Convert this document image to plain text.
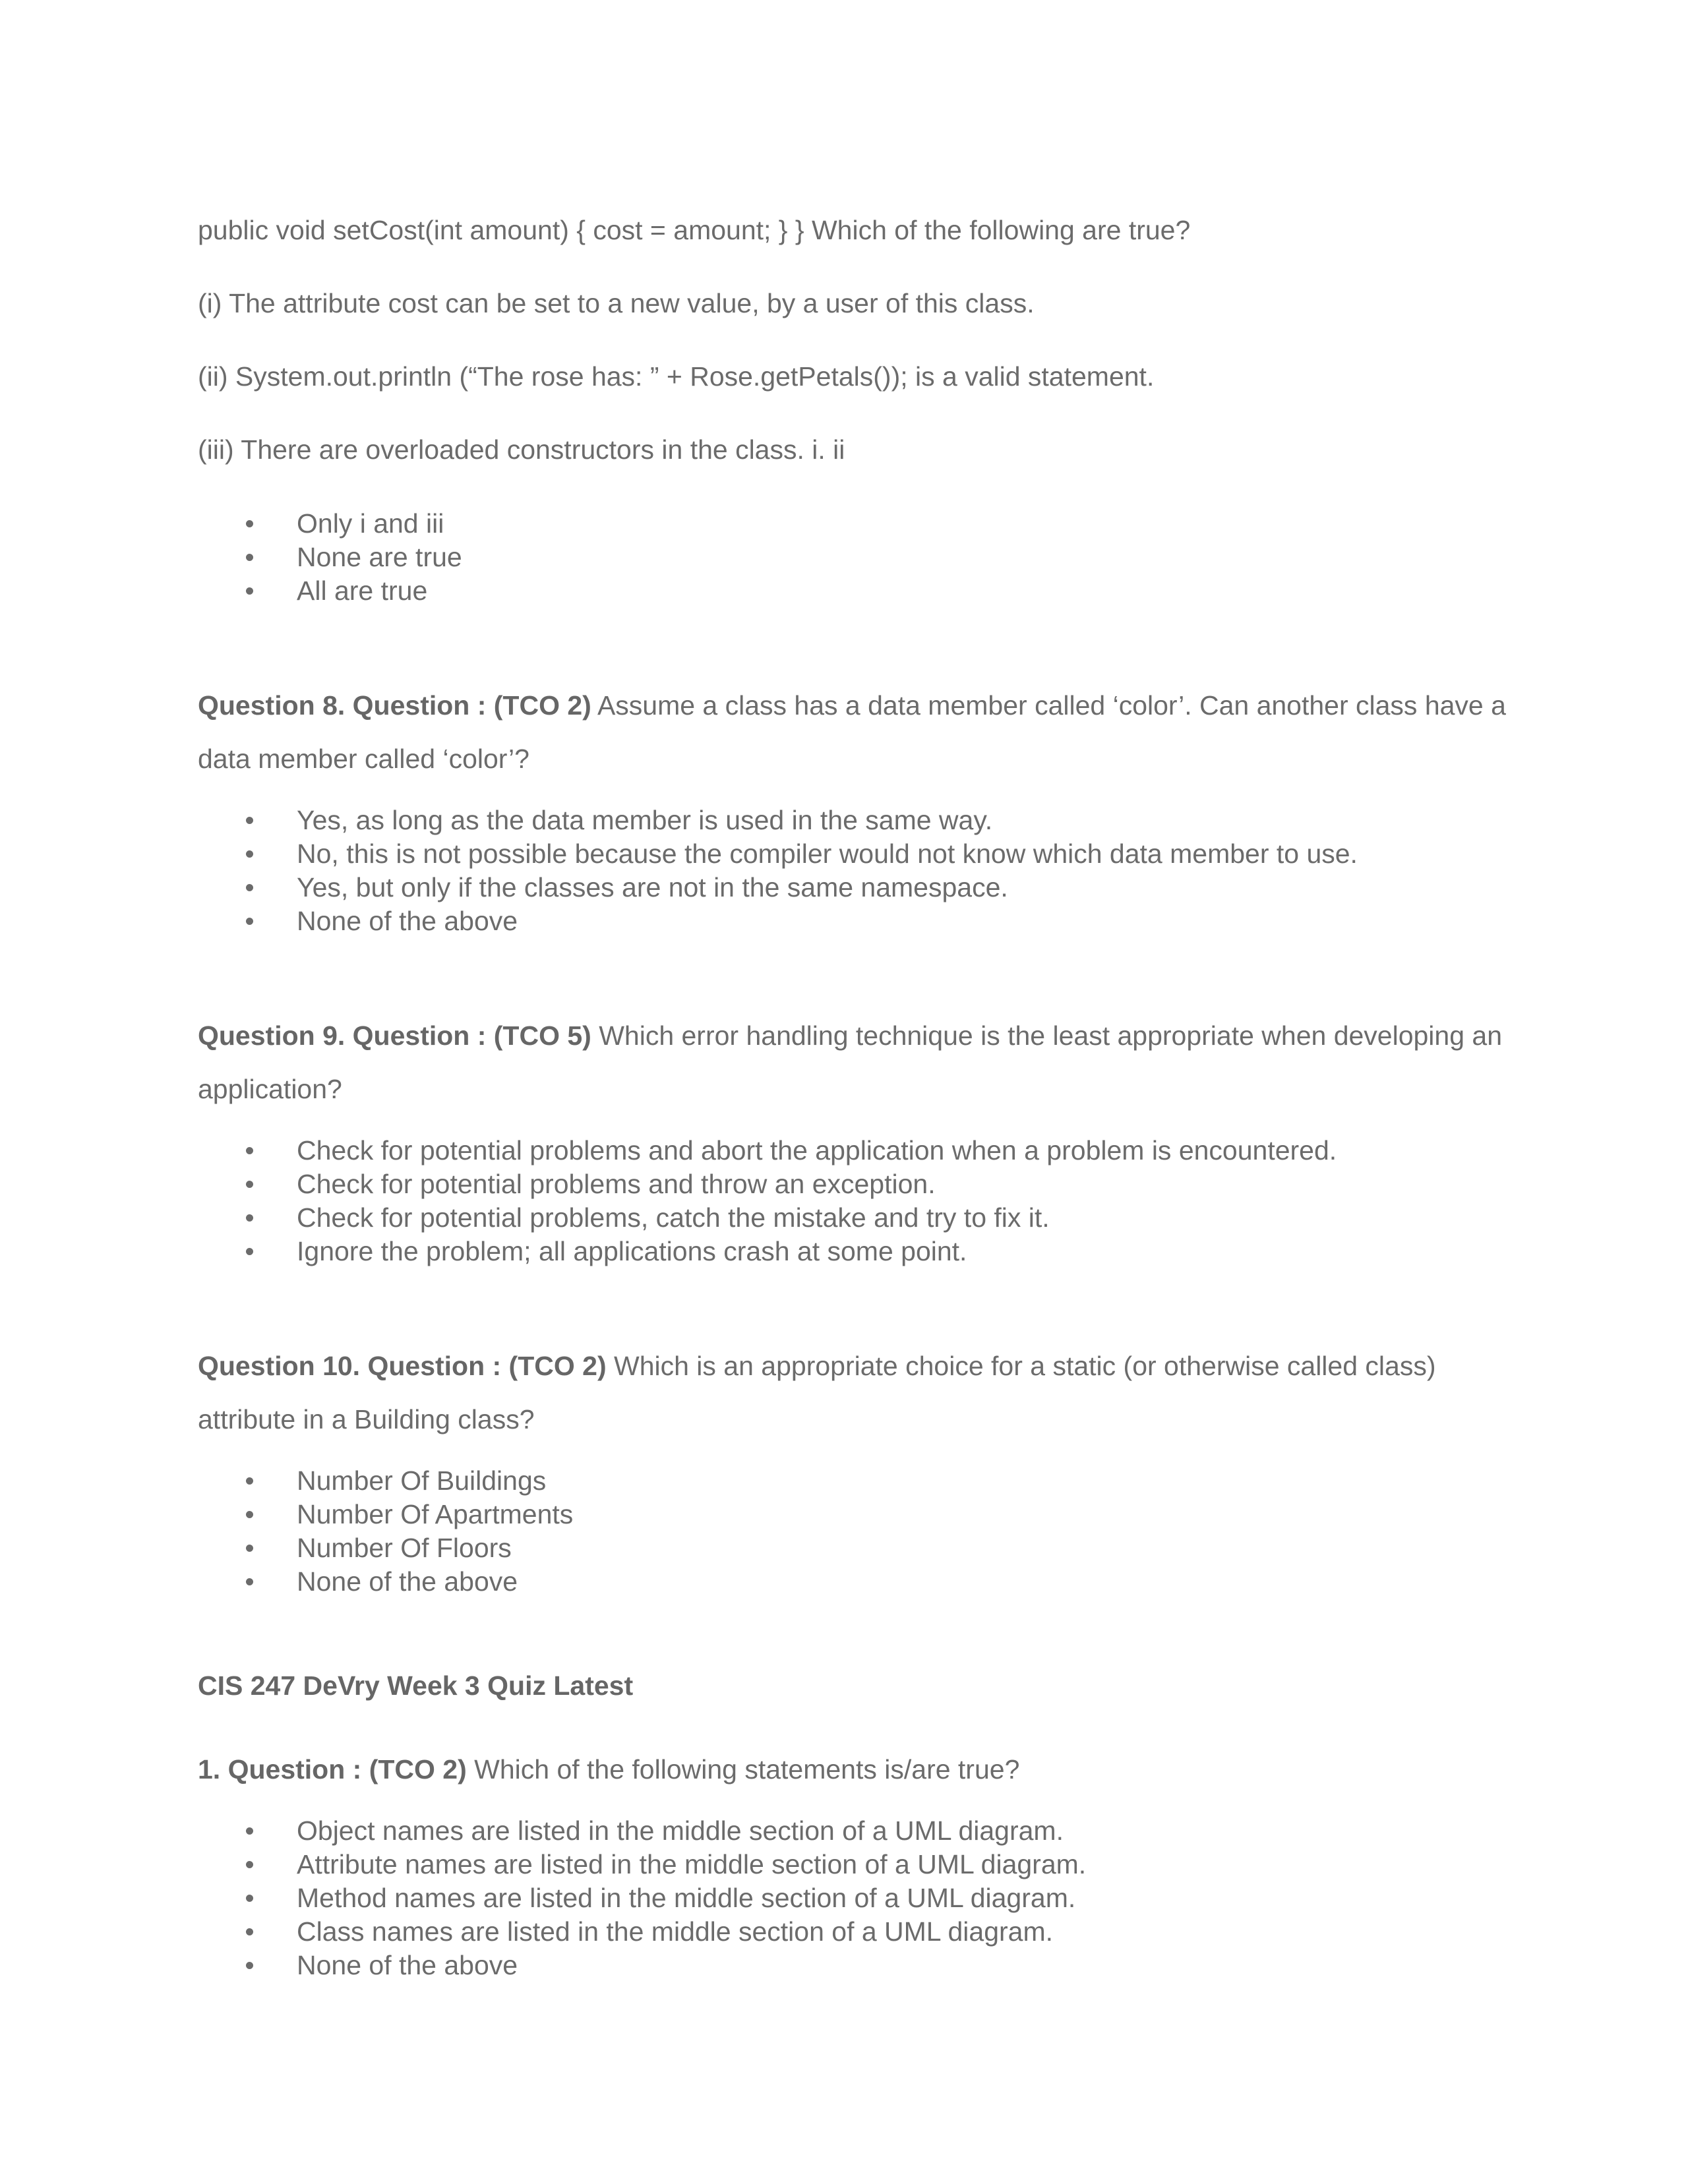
public void setCost(int amount) { cost = amount; } } Which of the following are true?

(i) The attribute cost can be set to a new value, by a user of this class.

(ii) System.out.println (“The rose has: ” + Rose.getPetals()); is a valid statement.

(iii) There are overloaded constructors in the class. i. ii

Only i and iii
None are true
All are true

Question 8. Question : (TCO 2) Assume a class has a data member called ‘color’. Can another class have a data member called ‘color’?

Yes, as long as the data member is used in the same way.
No, this is not possible because the compiler would not know which data member to use.
Yes, but only if the classes are not in the same namespace.
None of the above

Question 9. Question : (TCO 5) Which error handling technique is the least appropriate when developing an application?

Check for potential problems and abort the application when a problem is encountered.
Check for potential problems and throw an exception.
Check for potential problems, catch the mistake and try to fix it.
Ignore the problem; all applications crash at some point.

Question 10. Question : (TCO 2) Which is an appropriate choice for a static (or otherwise called class) attribute in a Building class?

Number Of Buildings
Number Of Apartments
Number Of Floors
None of the above

CIS 247 DeVry Week 3 Quiz Latest

1. Question : (TCO 2) Which of the following statements is/are true?

Object names are listed in the middle section of a UML diagram.
Attribute names are listed in the middle section of a UML diagram.
Method names are listed in the middle section of a UML diagram.
Class names are listed in the middle section of a UML diagram.
None of the above
